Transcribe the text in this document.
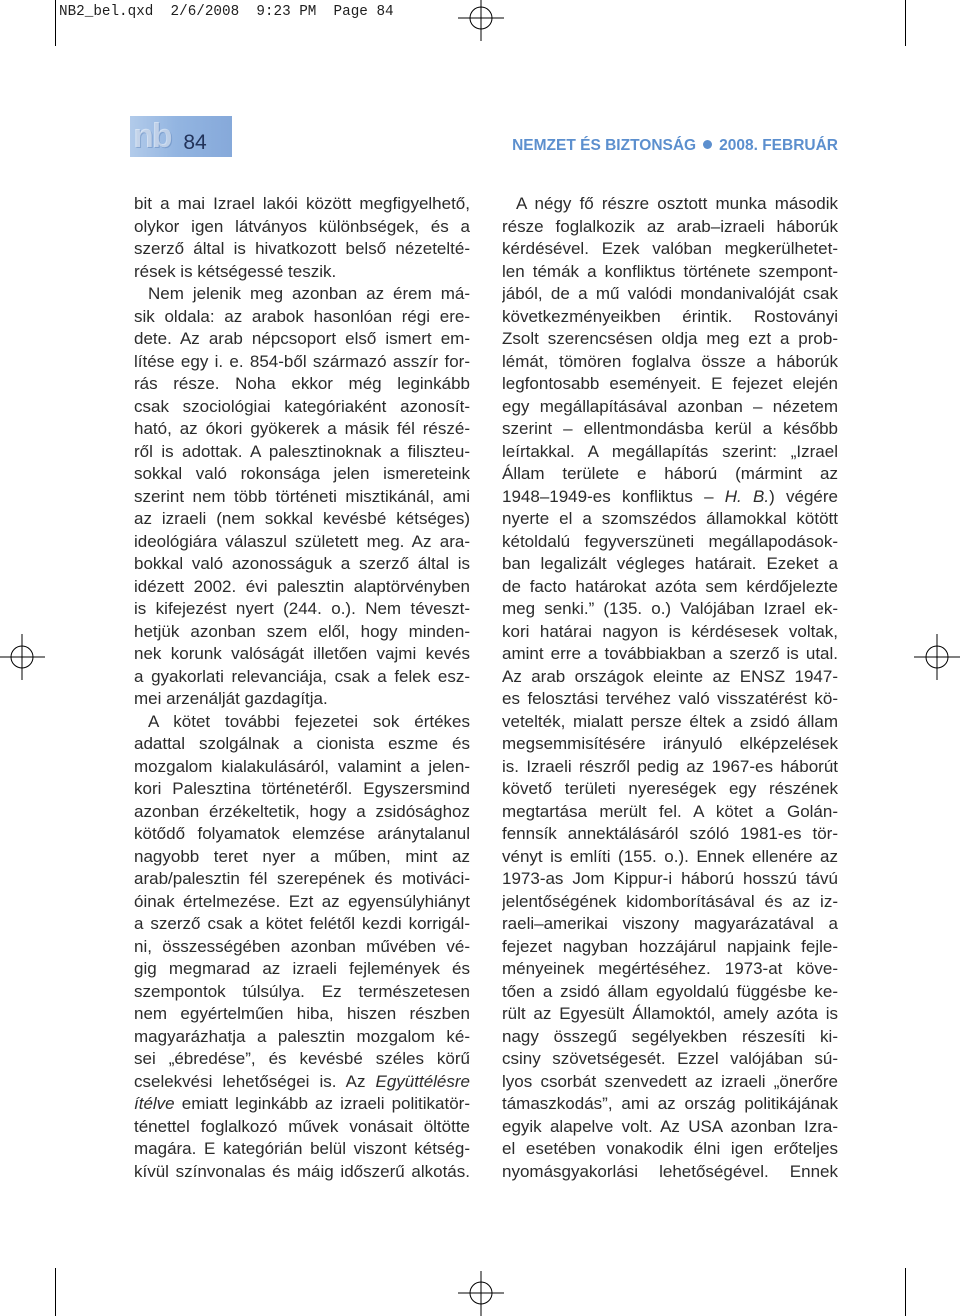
NB2_bel.qxd  2/6/2008  9:23 PM  Page 84
nb 84	NEMZET ÉS BIZTONSÁG 2008. FEBRUÁR
bit a mai Izrael lakói között megfigyelhető,
olykor igen látványos különbségek, és a
szerző által is hivatkozott belső nézetelté-
rések is kétségessé teszik.
Nem jelenik meg azonban az érem má-
sik oldala: az arabok hasonlóan régi ere-
dete. Az arab népcsoport első ismert em-
lítése egy i. e. 854-ből származó asszír for-
rás része. Noha ekkor még leginkább
csak szociológiai kategóriaként azonosít-
ható, az ókori gyökerek a másik fél részé-
ről is adottak. A palesztinoknak a filiszteu-
sokkal való rokonsága jelen ismereteink
szerint nem több történeti misztikánál, ami
az izraeli (nem sokkal kevésbé kétséges)
ideológiára válaszul született meg. Az ara-
bokkal való azonosságuk a szerző által is
idézett 2002. évi palesztin alaptörvényben
is kifejezést nyert (244. o.). Nem téveszt-
hetjük azonban szem elől, hogy minden-
nek korunk valóságát illetően vajmi kevés
a gyakorlati relevanciája, csak a felek esz-
mei arzenálját gazdagítja.
A kötet további fejezetei sok értékes
adattal szolgálnak a cionista eszme és
mozgalom kialakulásáról, valamint a jelen-
kori Palesztina történetéről. Egyszersmind
azonban érzékeltetik, hogy a zsidósághoz
kötődő folyamatok elemzése aránytalanul
nagyobb teret nyer a műben, mint az
arab/palesztin fél szerepének és motiváci-
óinak értelmezése. Ezt az egyensúlyhiányt
a szerző csak a kötet felétől kezdi korrigál-
ni, összességében azonban művében vé-
gig megmarad az izraeli fejlemények és
szempontok túlsúlya. Ez természetesen
nem egyértelműen hiba, hiszen részben
magyarázhatja a palesztin mozgalom ké-
sei „ébredése”, és kevésbé széles körű
cselekvési lehetőségei is. Az Együttélésre
ítélve emiatt leginkább az izraeli politikatör-
ténettel foglalkozó művek vonásait öltötte
magára. E kategórián belül viszont kétség-
kívül színvonalas és máig időszerű alkotás.
A négy fő részre osztott munka második
része foglalkozik az arab–izraeli háborúk
kérdésével. Ezek valóban megkerülhetet-
len témák a konfliktus története szempont-
jából, de a mű valódi mondanivalóját csak
következményeikben érintik. Rostoványi
Zsolt szerencsésen oldja meg ezt a prob-
lémát, tömören foglalva össze a háborúk
legfontosabb eseményeit. E fejezet elején
egy megállapításával azonban – nézetem
szerint – ellentmondásba kerül a később
leírtakkal. A megállapítás szerint: „Izrael
Állam területe e háború (mármint az
1948–1949-es konfliktus – H. B.) végére
nyerte el a szomszédos államokkal kötött
kétoldalú fegyverszüneti megállapodások-
ban legalizált végleges határait. Ezeket a
de facto határokat azóta sem kérdőjelezte
meg senki.” (135. o.) Valójában Izrael ek-
kori határai nagyon is kérdésesek voltak,
amint erre a továbbiakban a szerző is utal.
Az arab országok eleinte az ENSZ 1947-
es felosztási tervéhez való visszatérést kö-
vetelték, mialatt persze éltek a zsidó állam
megsemmisítésére irányuló elképzelések
is. Izraeli részről pedig az 1967-es háborút
követő területi nyereségek egy részének
megtartása merült fel. A kötet a Golán-
fennsík annektálásáról szóló 1981-es tör-
vényt is említi (155. o.). Ennek ellenére az
1973-as Jom Kippur-i háború hosszú távú
jelentőségének kidomborításával és az iz-
raeli–amerikai viszony magyarázatával a
fejezet nagyban hozzájárul napjaink fejle-
ményeinek megértéséhez. 1973-at köve-
tően a zsidó állam egyoldalú függésbe ke-
rült az Egyesült Államoktól, amely azóta is
nagy összegű segélyekben részesíti ki-
csiny szövetségesét. Ezzel valójában sú-
lyos csorbát szenvedett az izraeli „önerőre
támaszkodás”, ami az ország politikájának
egyik alapelve volt. Az USA azonban Izra-
el esetében vonakodik élni igen erőteljes
nyomásgyakorlási lehetőségével. Ennek
